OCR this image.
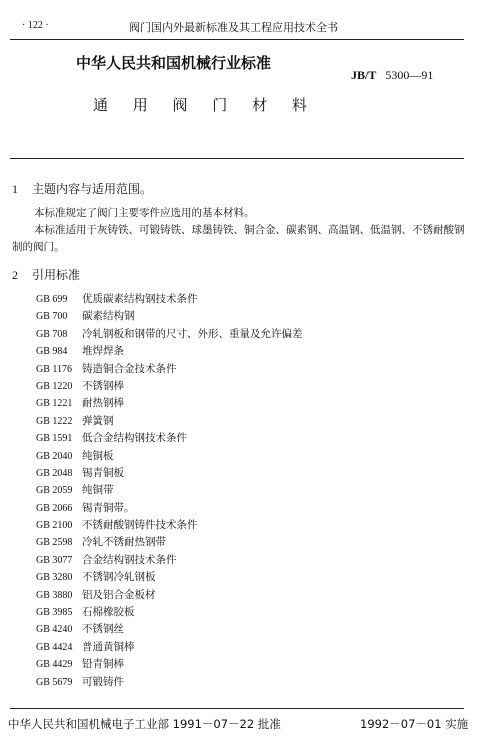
· 122 ·	阀门国内外最新标准及其工程应用技术全书
中华人民共和国机械行业标准
JB/T 5300—91
通 用 阀 门 材 料
1 主题内容与适用范围。
本标准规定了阀门主要零件应选用的基本材料。
本标准适用于灰铸铁、可锻铸铁、球墨铸铁、铜合金、碳素钢、高温钢、低温钢、不锈耐酸钢制的阀门。
2 引用标准
GB 699 优质碳素结构钢技术条件
GB 700 碳素结构钢
GB 708 冷轧钢板和钢带的尺寸、外形、重量及允许偏差
GB 984 堆焊焊条
GB 1176 铸造铜合金技术条件
GB 1220 不锈钢棒
GB 1221 耐热钢棒
GB 1222 弹簧钢
GB 1591 低合金结构钢技术条件
GB 2040 纯铜板
GB 2048 锡青铜板
GB 2059 纯铜带
GB 2066 锡青铜带。
GB 2100 不锈耐酸钢铸件技术条件
GB 2598 冷轧不锈耐热钢带
GB 3077 合金结构钢技术条件
GB 3280 不锈钢冷轧钢板
GB 3880 铝及铝合金板材
GB 3985 石棉橡胶板
GB 4240 不锈钢丝
GB 4424 普通黄铜棒
GB 4429 铅青铜棒
GB 5679 可锻铸件
中华人民共和国机械电子工业部 1991－07－22 批准	1992－07－01 实施
